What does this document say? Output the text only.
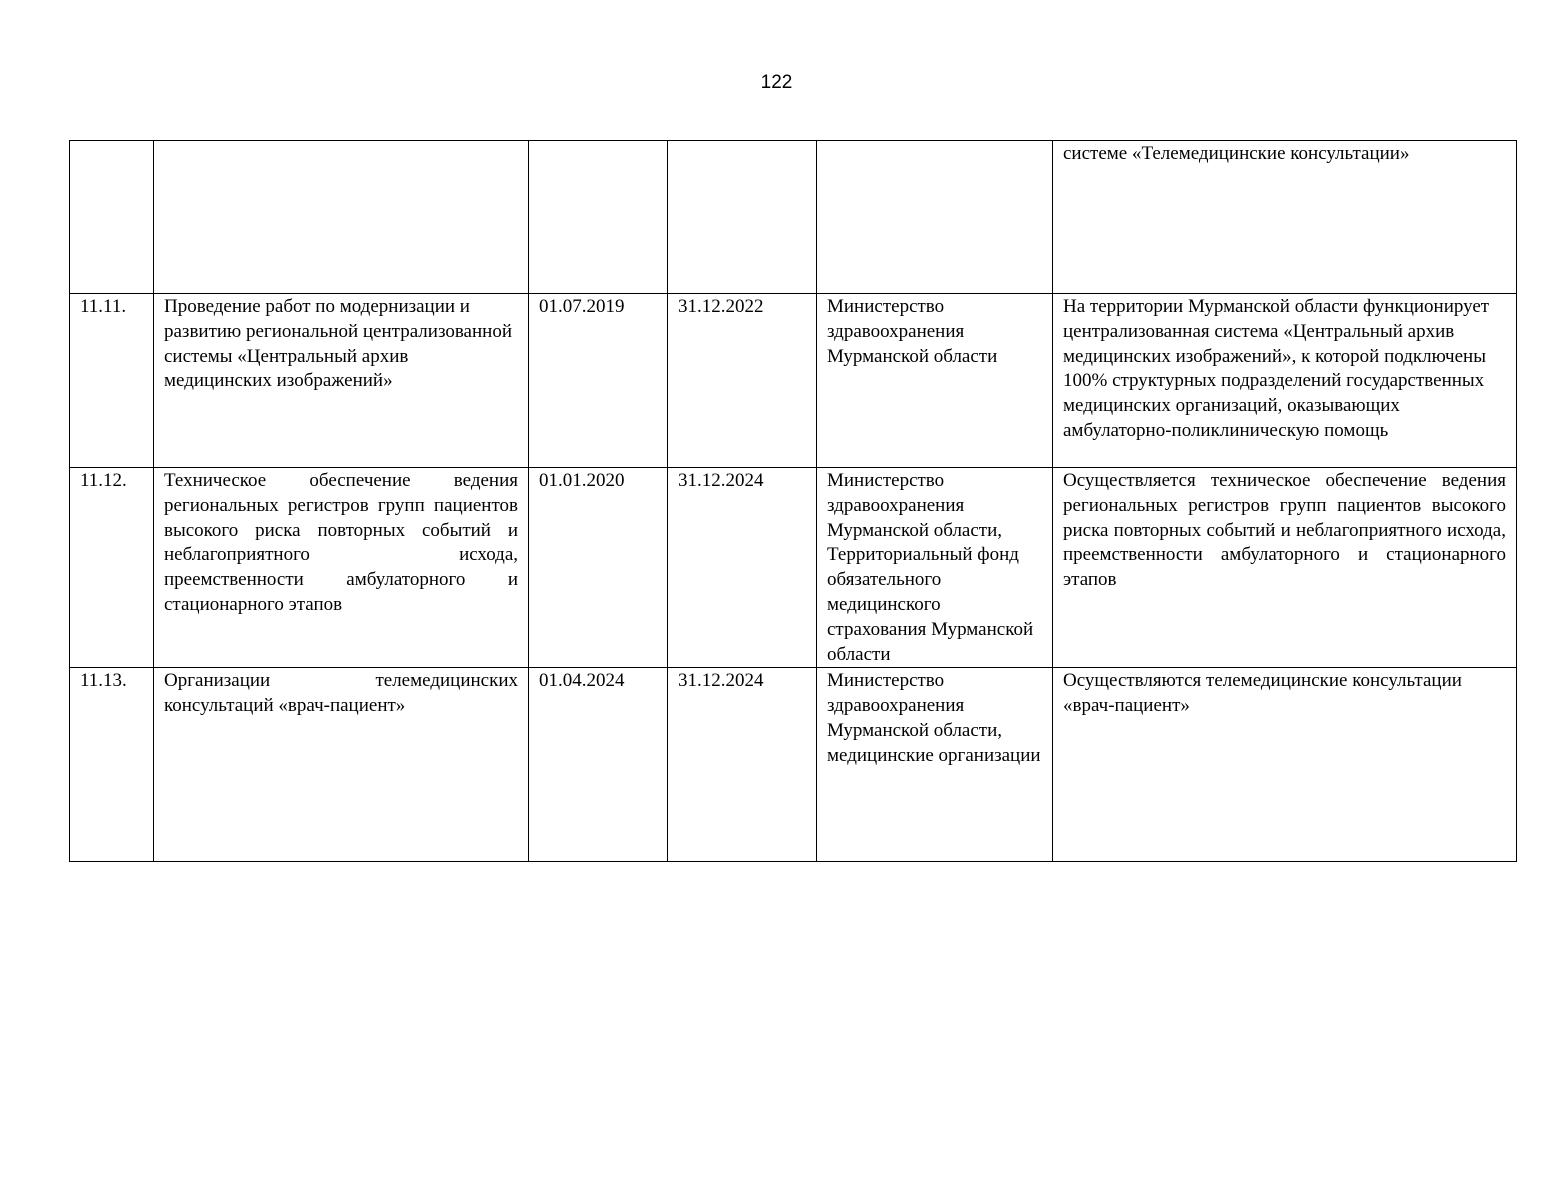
122
					системе «Телемедицинские консультации»
11.11.	Проведение работ по модернизации и развитию региональной централизованной системы «Центральный архив медицинских изображений»	01.07.2019	31.12.2022	Министерство здравоохранения Мурманской области	На территории Мурманской области функционирует централизованная система «Центральный архив медицинских изображений», к которой подключены 100% структурных подразделений государственных медицинских организаций, оказывающих амбулаторно-поликлиническую помощь
11.12.	Техническое обеспечение ведения региональных регистров групп пациентов высокого риска повторных событий и неблагоприятного исхода, преемственности амбулаторного и стационарного этапов	01.01.2020	31.12.2024	Министерство здравоохранения Мурманской области, Территориальный фонд обязательного медицинского страхования Мурманской области	Осуществляется техническое обеспечение ведения региональных регистров групп пациентов высокого риска повторных событий и неблагоприятного исхода, преемственности амбулаторного и стационарного этапов
11.13.	Организации телемедицинских консультаций «врач-пациент»	01.04.2024	31.12.2024	Министерство здравоохранения Мурманской области, медицинские организации	Осуществляются телемедицинские консультации «врач-пациент»
